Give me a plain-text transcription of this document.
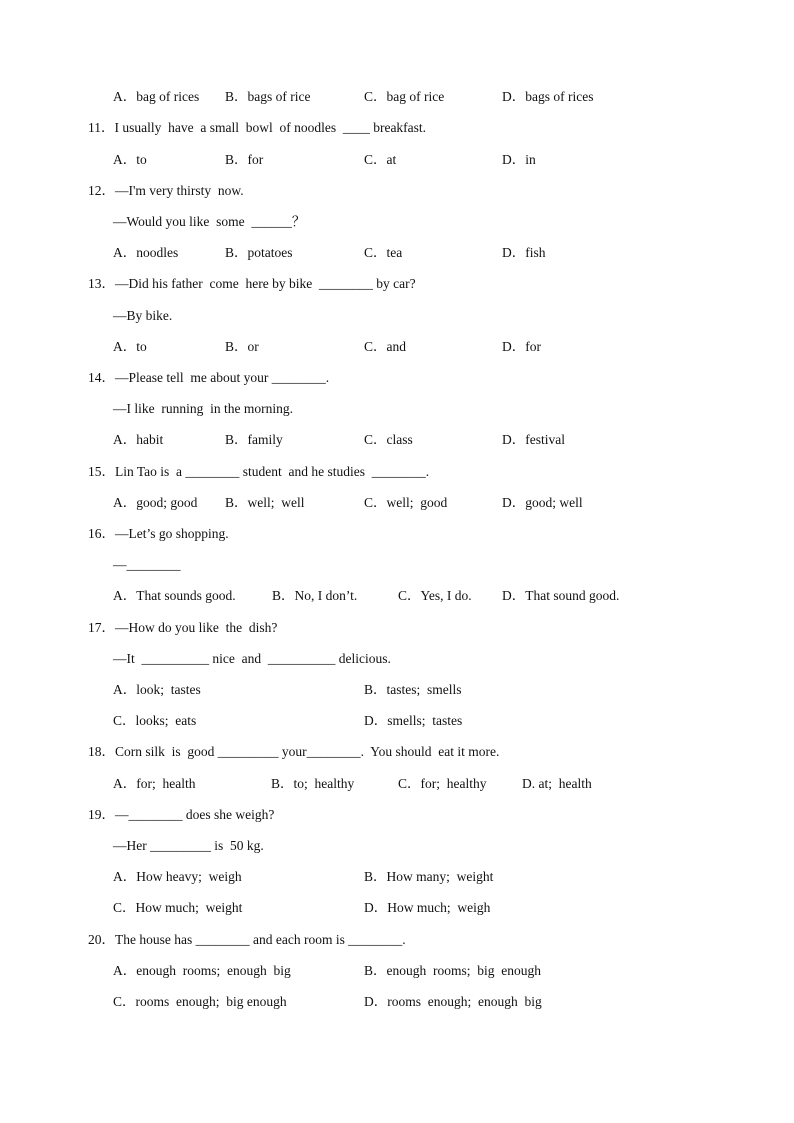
A．bag of rices B．bags of rice	C．bag of rice	D．bags of rices
11．I usually  have  a small  bowl  of noodles  ____ breakfast.
A．to	B．for	C．at	D．in
12．—I'm very thirsty  now.
—Would you like  some  ______？
A．noodles	B．potatoes	C．tea	D．fish
13．—Did his father  come  here by bike  ________ by car?
—By bike.
A．to	B．or	C．and	D．for
14．—Please tell  me about your ________.
—I like  running  in the morning.
A．habit	B．family	C．class	D．festival
15．Lin Tao is  a ________ student  and he studies  ________.
A．good; good B．well;  well	C．well;  good	D．good; well
16．—Let’s go shopping.
—________
A．That sounds good.	B．No, I don’t.	C．Yes, I do. D．That sound good.
17．—How do you like  the  dish?
—It  __________ nice  and  __________ delicious.
A．look;  tastes	B．tastes;  smells
C．looks;  eats	D．smells;  tastes
18．Corn silk  is  good _________ your________.  You should  eat it more.
A．for;  health	B．to;  healthy	C．for;  healthy	D. at;  health
19．—________ does she weigh?
—Her _________ is  50 kg.
A．How heavy;  weigh	B．How many;  weight
C．How much;  weight	D．How much;  weigh
20．The house has ________ and each room is ________.
A．enough  rooms;  enough  big	B．enough  rooms;  big  enough
C．rooms  enough;  big enough	D．rooms  enough;  enough  big
